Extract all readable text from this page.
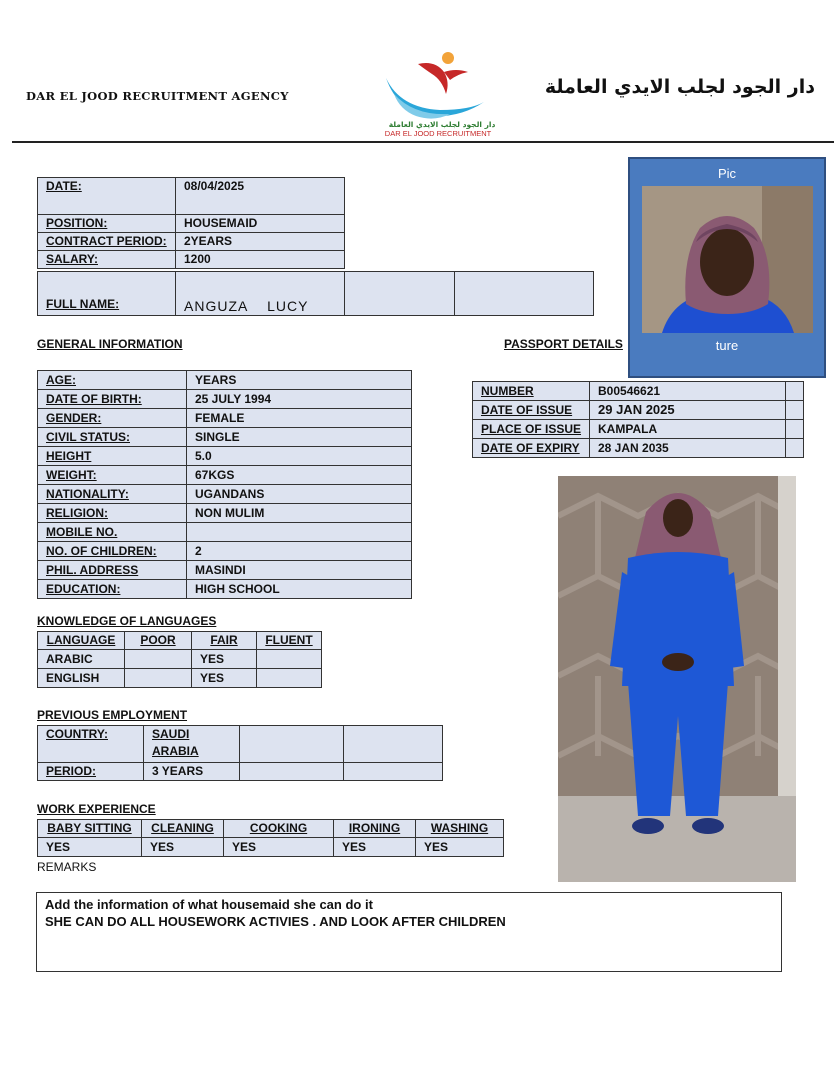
DAR EL JOOD RECRUITMENT AGENCY
دار الجود لجلب الايدي العاملة
DAR EL JOOD RECRUITMENT
دار الجود لجلب الايدي العاملة
DATE:	08/04/2025
POSITION:	HOUSEMAID
CONTRACT PERIOD:	2YEARS
SALARY:	1200
FULL NAME:	ANGUZA    LUCY		
Pic
ture
GENERAL INFORMATION	PASSPORT DETAILS
AGE:	YEARS
DATE OF BIRTH:	25 JULY 1994
GENDER:	FEMALE
CIVIL STATUS:	SINGLE
HEIGHT	5.0
WEIGHT:	67KGS
NATIONALITY:	UGANDANS
RELIGION:	NON MULIM
MOBILE NO.	
NO. OF CHILDREN:	2
PHIL. ADDRESS	MASINDI
EDUCATION:	HIGH SCHOOL
NUMBER	B00546621	
DATE OF ISSUE	29 JAN 2025	
PLACE OF ISSUE	KAMPALA	
DATE OF EXPIRY	28 JAN 2035	
KNOWLEDGE OF LANGUAGES
LANGUAGE	POOR	FAIR	FLUENT
ARABIC		YES	
ENGLISH		YES	
PREVIOUS EMPLOYMENT
COUNTRY:	SAUDI ARABIA		
PERIOD:	3 YEARS		
WORK EXPERIENCE
BABY SITTING	CLEANING	COOKING	IRONING	WASHING
YES	YES	YES	YES	YES
REMARKS
Add the information of what housemaid she can do it
SHE CAN DO ALL HOUSEWORK ACTIVIES . AND LOOK AFTER CHILDREN
